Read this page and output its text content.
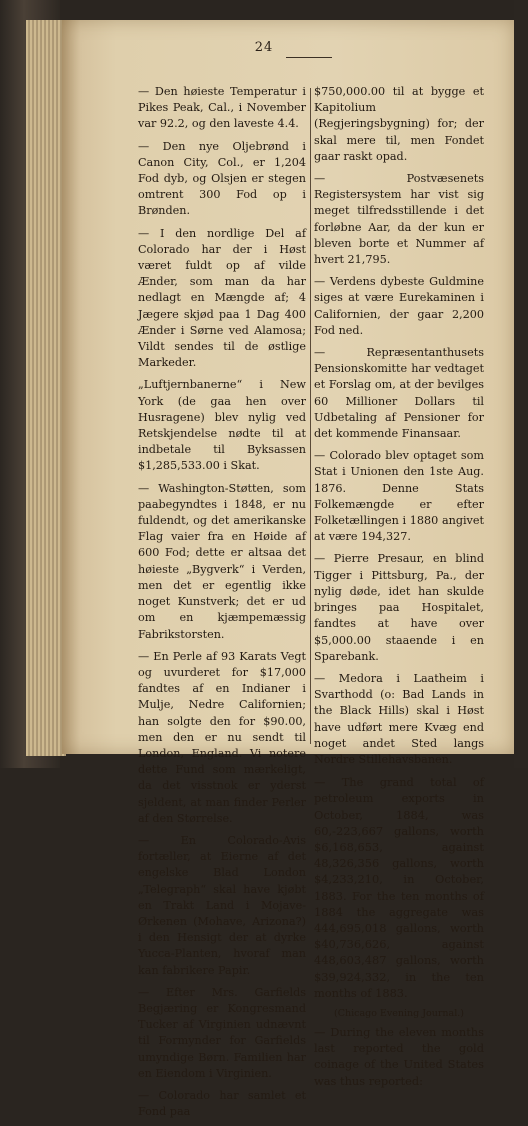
24

— Den høieste Temperatur i Pikes Peak, Cal., i November var 92.2, og den laveste 4.4.

— Den nye Oljebrønd i Canon City, Col., er 1,204 Fod dyb, og Olsjen er stegen omtrent 300 Fod op i Brønden.

— I den nordlige Del af Colorado har der i Høst været fuldt op af vilde Ænder, som man da har nedlagt en Mængde af; 4 Jægere skjød paa 1 Dag 400 Ænder i Sørne ved Alamosa; Vildt sendes til de østlige Markeder.

„Luftjernbanerne“ i New York (de gaa hen over Husragene) blev nylig ved Retskjendelse nødte til at indbetale til Byksassen $1,285,533.00 i Skat.

— Washington-Støtten, som paabegyndtes i 1848, er nu fuldendt, og det amerikanske Flag vaier fra en Høide af 600 Fod; dette er altsaa det høieste „Bygverk“ i Verden, men det er egentlig ikke noget Kunstverk; det er ud om en kjæmpemæssig Fabrikstorsten.

— En Perle af 93 Karats Vegt og uvurderet for $17,000 fandtes af en Indianer i Mulje, Nedre Californien; han solgte den for $90.00, men den er nu sendt til London, England. Vi notere dette Fund som mærkeligt, da det visstnok er yderst sjeldent, at man finder Perler af den Størrelse.

— En Colorado-Avis fortæller, at Eierne af det engelske Blad London „Telegraph“ skal have kjøbt en Trakt Land i Mojave-Ørkenen (Mohave, Arizona?) i den Hensigt der at dyrke Yucca-Planten, hvoraf man kan fabrikere Papir.

— Efter Mrs. Garfields Begjæring er Kongresmand Tucker af Virginien udnævnt til Formynder for Garfields umyndige Børn. Familien har en Eiendom i Virginien.

— Colorado har samlet et Fond paa

$750,000.00 til at bygge et Kapitolium (Regjeringsbygning) for; der skal mere til, men Fondet gaar raskt opad.

— Postvæsenets Registersystem har vist sig meget tilfredsstillende i det forløbne Aar, da der kun er bleven borte et Nummer af hvert 21,795.

— Verdens dybeste Guldmine siges at være Eurekaminen i Californien, der gaar 2,200 Fod ned.

— Repræsentanthusets Pensionskomitte har vedtaget et Forslag om, at der bevilges 60 Millioner Dollars til Udbetaling af Pensioner for det kommende Finansaar.

— Colorado blev optaget som Stat i Unionen den 1ste Aug. 1876. Denne Stats Folkemængde er efter Folketællingen i 1880 angivet at være 194,327.

— Pierre Presaur, en blind Tigger i Pittsburg, Pa., der nylig døde, idet han skulde bringes paa Hospitalet, fandtes at have over $5,000.00 staaende i en Sparebank.

— Medora i Laatheim i Svarthodd (o: Bad Lands in the Black Hills) skal i Høst have udført mere Kvæg end noget andet Sted langs Nordre Stillehavsbanen.

— The grand total of petroleum exports in October, 1884, was 60,-223,667 gallons, worth $6,168,653, against 48,326,356 gallons, worth $4,233,210, in October, 1883. For the ten months of 1884 the aggregate was 444,695,018 gallons, worth $40,736,626, against 448,603,487 gallons, worth $39,924,332, in the ten months of 1883.

(Chicago Evening Journal.)

— During the eleven months last reported the gold coinage of the United States was thus reported:
